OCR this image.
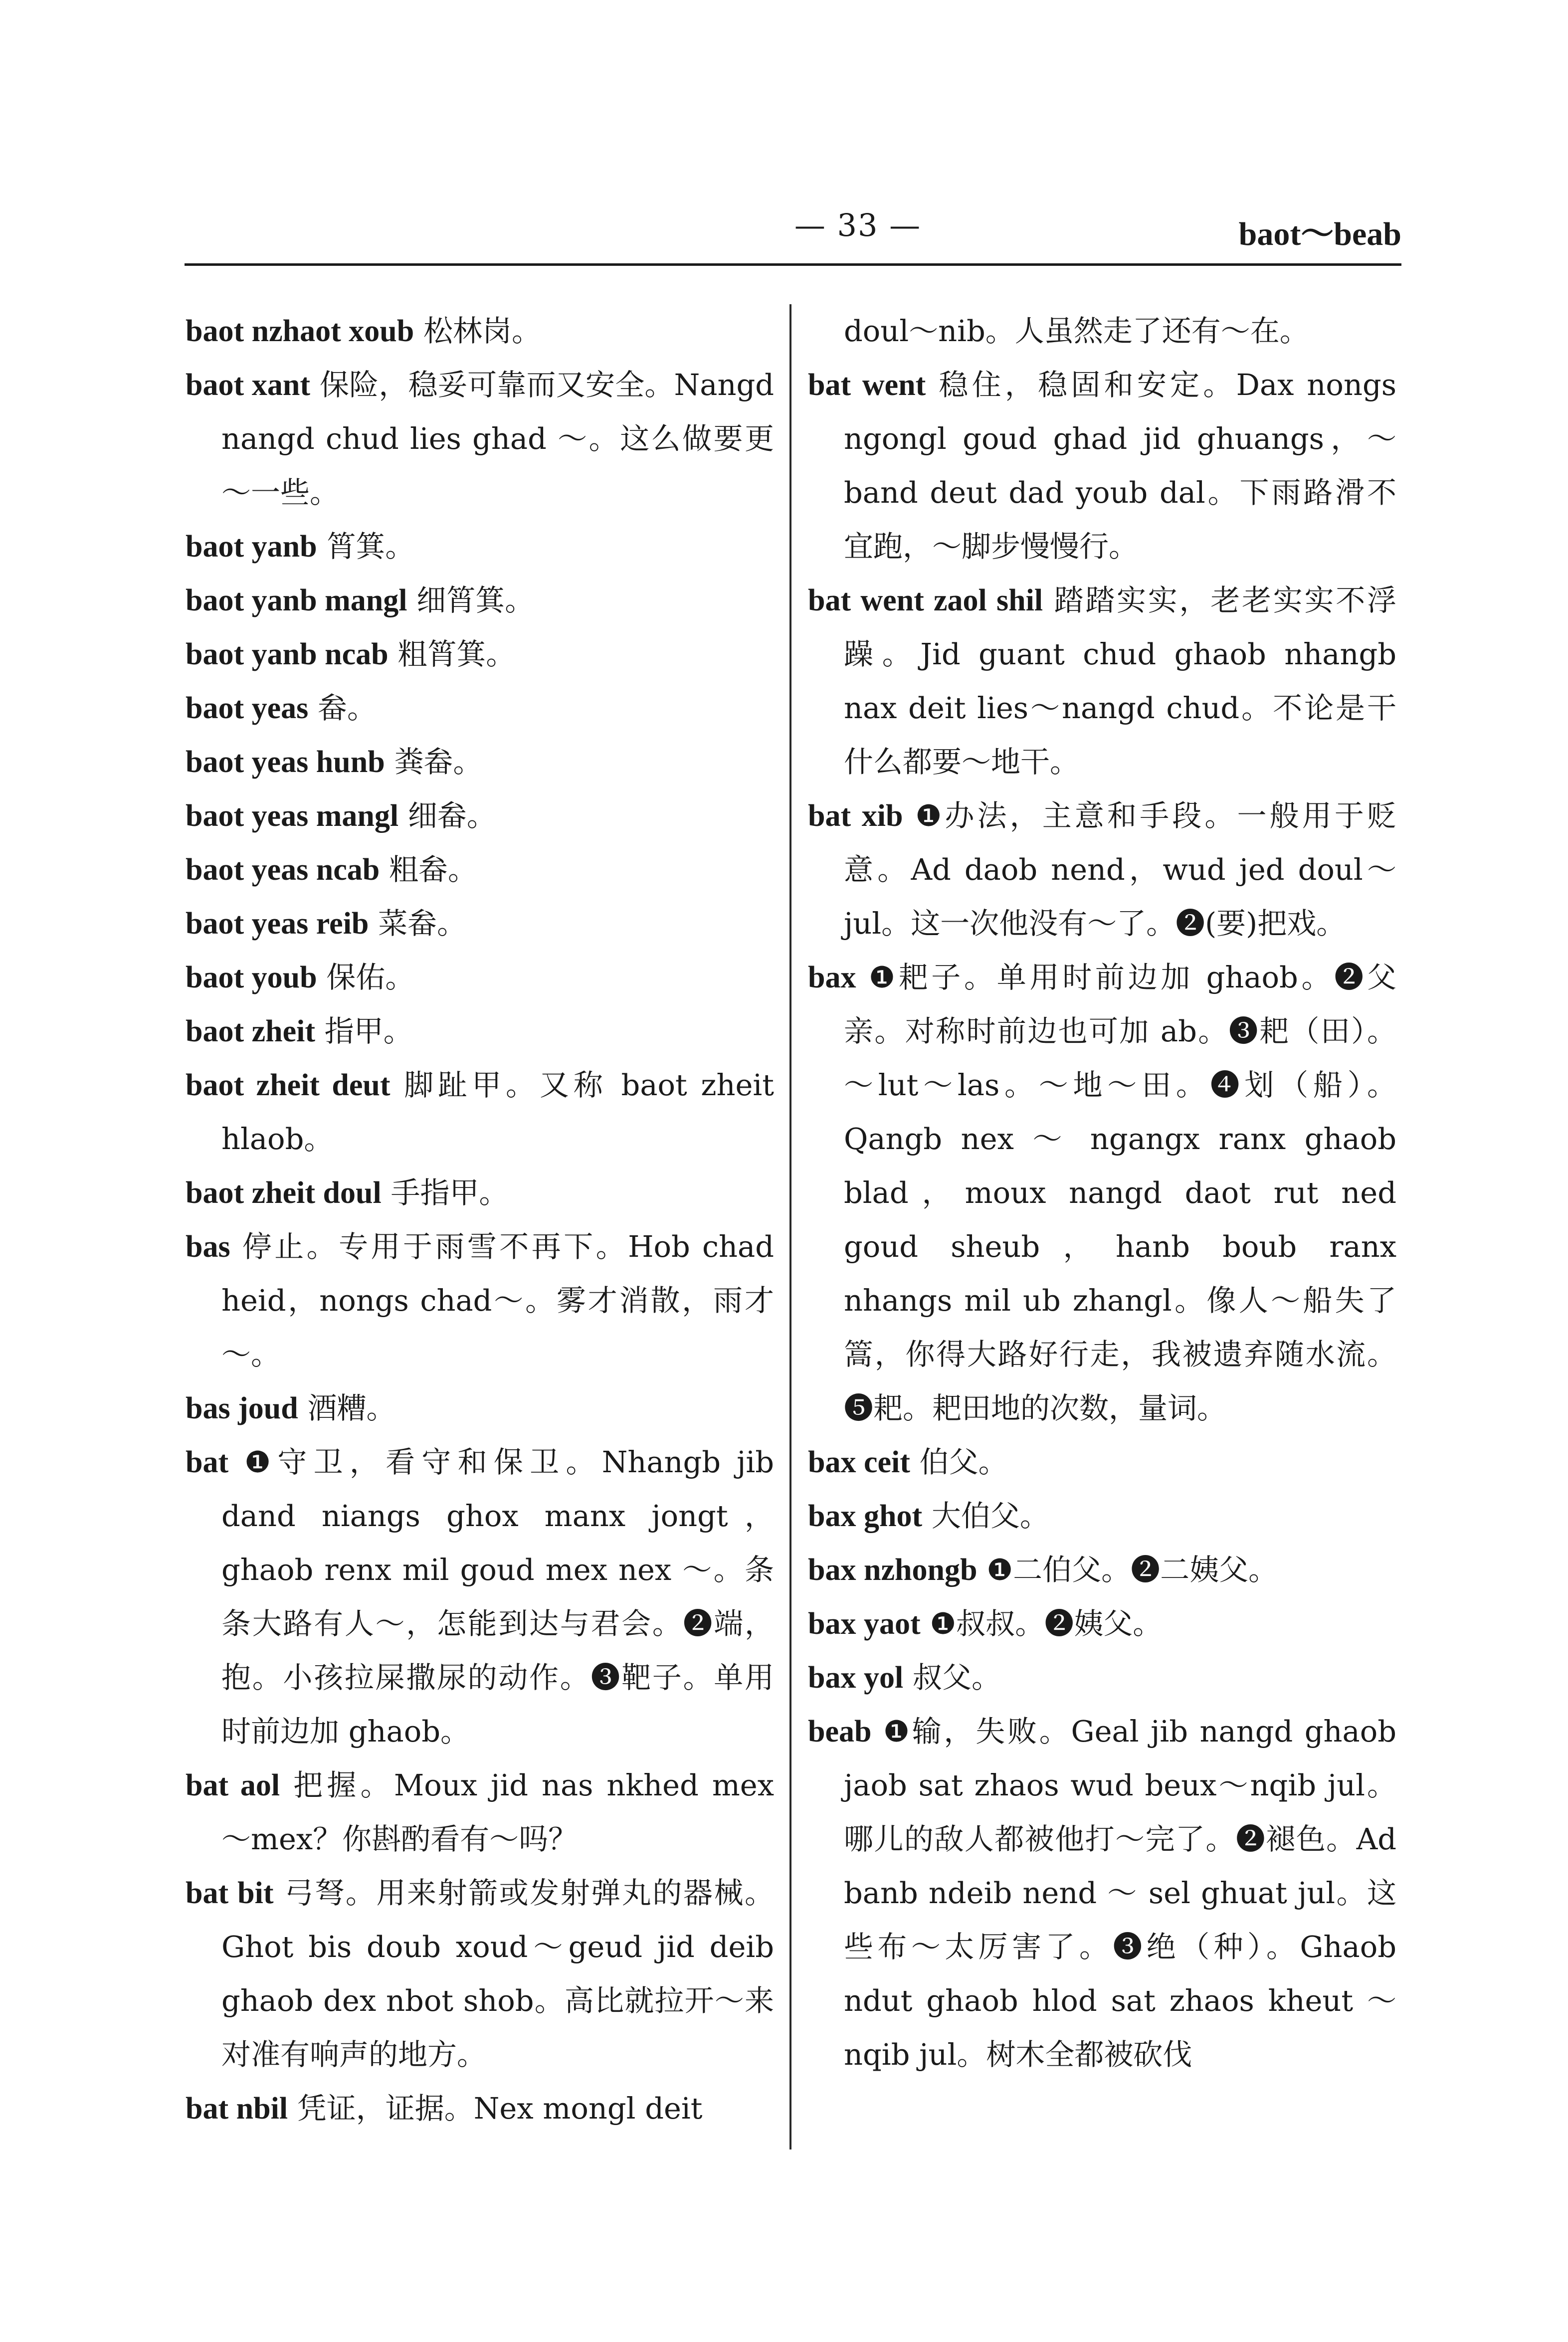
— 33 —	baot～beab

baot nzhaot xoub 松林岗。

baot xant 保险，稳妥可靠而又安全。Nangd nangd chud lies ghad ～。这么做要更～一些。

baot yanb 筲箕。

baot yanb mangl 细筲箕。

baot yanb ncab 粗筲箕。

baot yeas 畚。

baot yeas hunb 粪畚。

baot yeas mangl 细畚。

baot yeas ncab 粗畚。

baot yeas reib 菜畚。

baot youb 保佑。

baot zheit 指甲。

baot zheit deut 脚趾甲。又称 baot zheit hlaob。

baot zheit doul 手指甲。

bas 停止。专用于雨雪不再下。Hob chad heid，nongs chad～。雾才消散，雨才～。

bas joud 酒糟。

bat ❶守卫，看守和保卫。Nhangb jib dand niangs ghox manx jongt，ghaob renx mil goud mex nex ～。条条大路有人～，怎能到达与君会。❷端，抱。小孩拉屎撒尿的动作。❸靶子。单用时前边加 ghaob。

bat aol 把握。Moux jid nas nkhed mex ～mex？你斟酌看有～吗？

bat bit 弓弩。用来射箭或发射弹丸的器械。Ghot bis doub xoud～geud jid deib ghaob dex nbot shob。高比就拉开～来对准有响声的地方。

bat nbil 凭证，证据。Nex mongl deit

doul～nib。人虽然走了还有～在。

bat went 稳住，稳固和安定。Dax nongs ngongl goud ghad jid ghuangs，～band deut dad youb dal。下雨路滑不宜跑，～脚步慢慢行。

bat went zaol shil 踏踏实实，老老实实不浮躁。Jid guant chud ghaob nhangb nax deit lies～nangd chud。不论是干什么都要～地干。

bat xib ❶办法，主意和手段。一般用于贬意。Ad daob nend，wud jed doul～jul。这一次他没有～了。❷(要)把戏。

bax ❶耙子。单用时前边加 ghaob。❷父亲。对称时前边也可加 ab。❸耙（田）。～lut～las。～地～田。❹划（船）。Qangb nex ～ ngangx ranx ghaob blad，moux nangd daot rut ned goud sheub，hanb boub ranx nhangs mil ub zhangl。像人～船失了篙，你得大路好行走，我被遗弃随水流。❺耙。耙田地的次数，量词。

bax ceit 伯父。

bax ghot 大伯父。

bax nzhongb ❶二伯父。❷二姨父。

bax yaot ❶叔叔。❷姨父。

bax yol 叔父。

beab ❶输，失败。Geal jib nangd ghaob jaob sat zhaos wud beux～nqib jul。哪儿的敌人都被他打～完了。❷褪色。Ad banb ndeib nend ～ sel ghuat jul。这些布～太厉害了。❸绝（种）。Ghaob ndut ghaob hlod sat zhaos kheut ～ nqib jul。树木全都被砍伐
